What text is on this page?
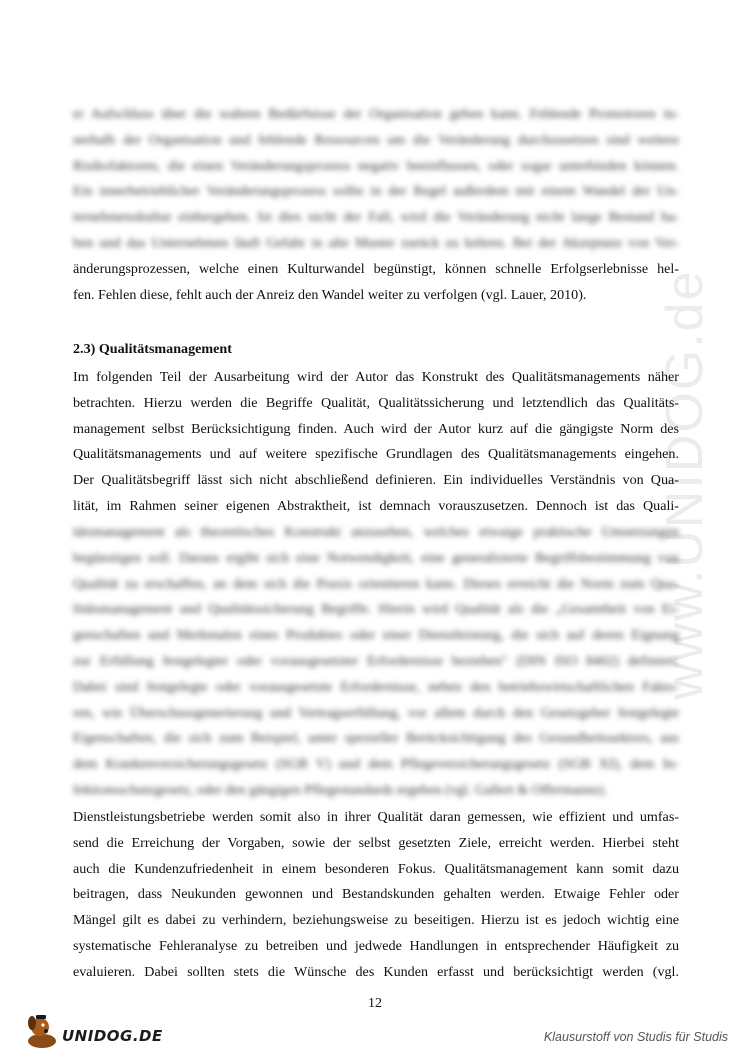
www.UNIDOG.de
er Aufschluss über die wahren Bedürfnisse der Organisation geben kann. Fehlende Promotoren in-
nerhalb der Organisation und fehlende Ressourcen um die Veränderung durchzusetzen sind weitere
Risikofaktoren, die einen Veränderungsprozess negativ beeinflussen, oder sogar unterbinden können.
Ein innerbetrieblicher Veränderungsprozess sollte in der Regel außerdem mit einem Wandel der Un-
ternehmenskultur einhergehen. Ist dies nicht der Fall, wird die Veränderung nicht lange Bestand ha-
ben und das Unternehmen läuft Gefahr in alte Muster zurück zu kehren. Bei der Akzeptanz von Ver-
änderungsprozessen, welche einen Kulturwandel begünstigt, können schnelle Erfolgserlebnisse hel-
fen. Fehlen diese, fehlt auch der Anreiz den Wandel weiter zu verfolgen (vgl. Lauer, 2010).
2.3) Qualitätsmanagement
Im folgenden Teil der Ausarbeitung wird der Autor das Konstrukt des Qualitätsmanagements näher
betrachten. Hierzu werden die Begriffe Qualität, Qualitätssicherung und letztendlich das Qualitäts-
management selbst Berücksichtigung finden. Auch wird der Autor kurz auf die gängigste Norm des
Qualitätsmanagements und auf weitere spezifische Grundlagen des Qualitätsmanagements eingehen.
Der Qualitätsbegriff lässt sich nicht abschließend definieren. Ein individuelles Verständnis von Qua-
lität, im Rahmen seiner eigenen Abstraktheit, ist demnach vorauszusetzen. Dennoch ist das Quali-
tätsmanagement als theoretisches Konstrukt anzusehen, welches etwaige praktische Umsetzungen
begünstigen soll. Daraus ergibt sich eine Notwendigkeit, eine generalisierte Begriffsbestimmung von
Qualität zu erschaffen, an dem sich die Praxis orientieren kann. Dieses erreicht die Norm zum Qua-
litätsmanagement und Qualitätssicherung Begriffe. Hierin wird Qualität als die „Gesamtheit von Ei-
genschaften und Merkmalen eines Produktes oder einer Dienstleistung, die sich auf deren Eignung
zur Erfüllung festgelegter oder vorausgesetzter Erfordernisse beziehen" (DIN ISO 8402) definiert.
Dabei sind festgelegte oder vorausgesetzte Erfordernisse, neben den betriebswirtschaftlichen Fakto-
ren, wie Überschussgenerierung und Vertragserfüllung, vor allem durch den Gesetzgeber festgelegte
Eigenschaften, die sich zum Beispiel, unter spezieller Berücksichtigung des Gesundheitssektors, aus
dem Krankenversicherungsgesetz (SGB V) und dem Pflegeversicherungsgesetz (SGB XI), dem In-
fektionsschutzgesetz, oder den gängigen Pflegestandards ergeben (vgl. Gallert & Offermanns).
Dienstleistungsbetriebe werden somit also in ihrer Qualität daran gemessen, wie effizient und umfas-
send die Erreichung der Vorgaben, sowie der selbst gesetzten Ziele, erreicht werden. Hierbei steht
auch die Kundenzufriedenheit in einem besonderen Fokus. Qualitätsmanagement kann somit dazu
beitragen, dass Neukunden gewonnen und Bestandskunden gehalten werden. Etwaige Fehler oder
Mängel gilt es dabei zu verhindern, beziehungsweise zu beseitigen. Hierzu ist es jedoch wichtig eine
systematische Fehleranalyse zu betreiben und jedwede Handlungen in entsprechender Häufigkeit zu
evaluieren. Dabei sollten stets die Wünsche des Kunden erfasst und berücksichtigt werden (vgl.
12
UNIDOG.DE	Klausurstoff von Studis für Studis
